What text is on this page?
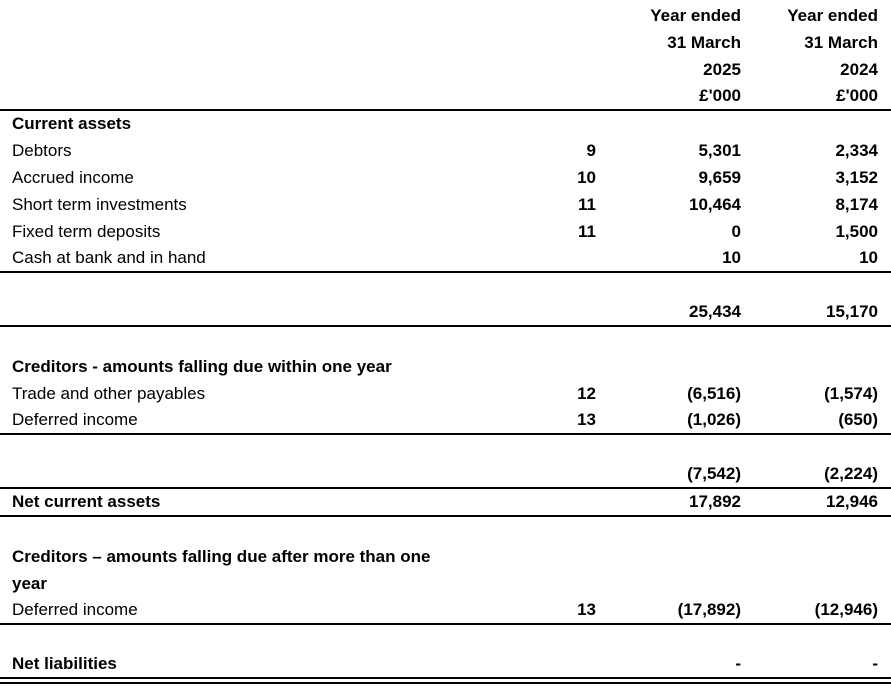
		Year ended	Year ended
		31 March	31 March
		2025	2024
		£'000	£'000
Current assets			
Debtors	9	5,301	2,334
Accrued income	10	9,659	3,152
Short term investments	11	10,464	8,174
Fixed term deposits	11	0	1,500
Cash at bank and in hand		10	10

		25,434	15,170

Creditors - amounts falling due within one year			
Trade and other payables	12	(6,516)	(1,574)
Deferred income	13	(1,026)	(650)

		(7,542)	(2,224)
Net current assets		17,892	12,946

Creditors – amounts falling due after more than one year			

Deferred income	13	(17,892)	(12,946)

Net liabilities		-	-
